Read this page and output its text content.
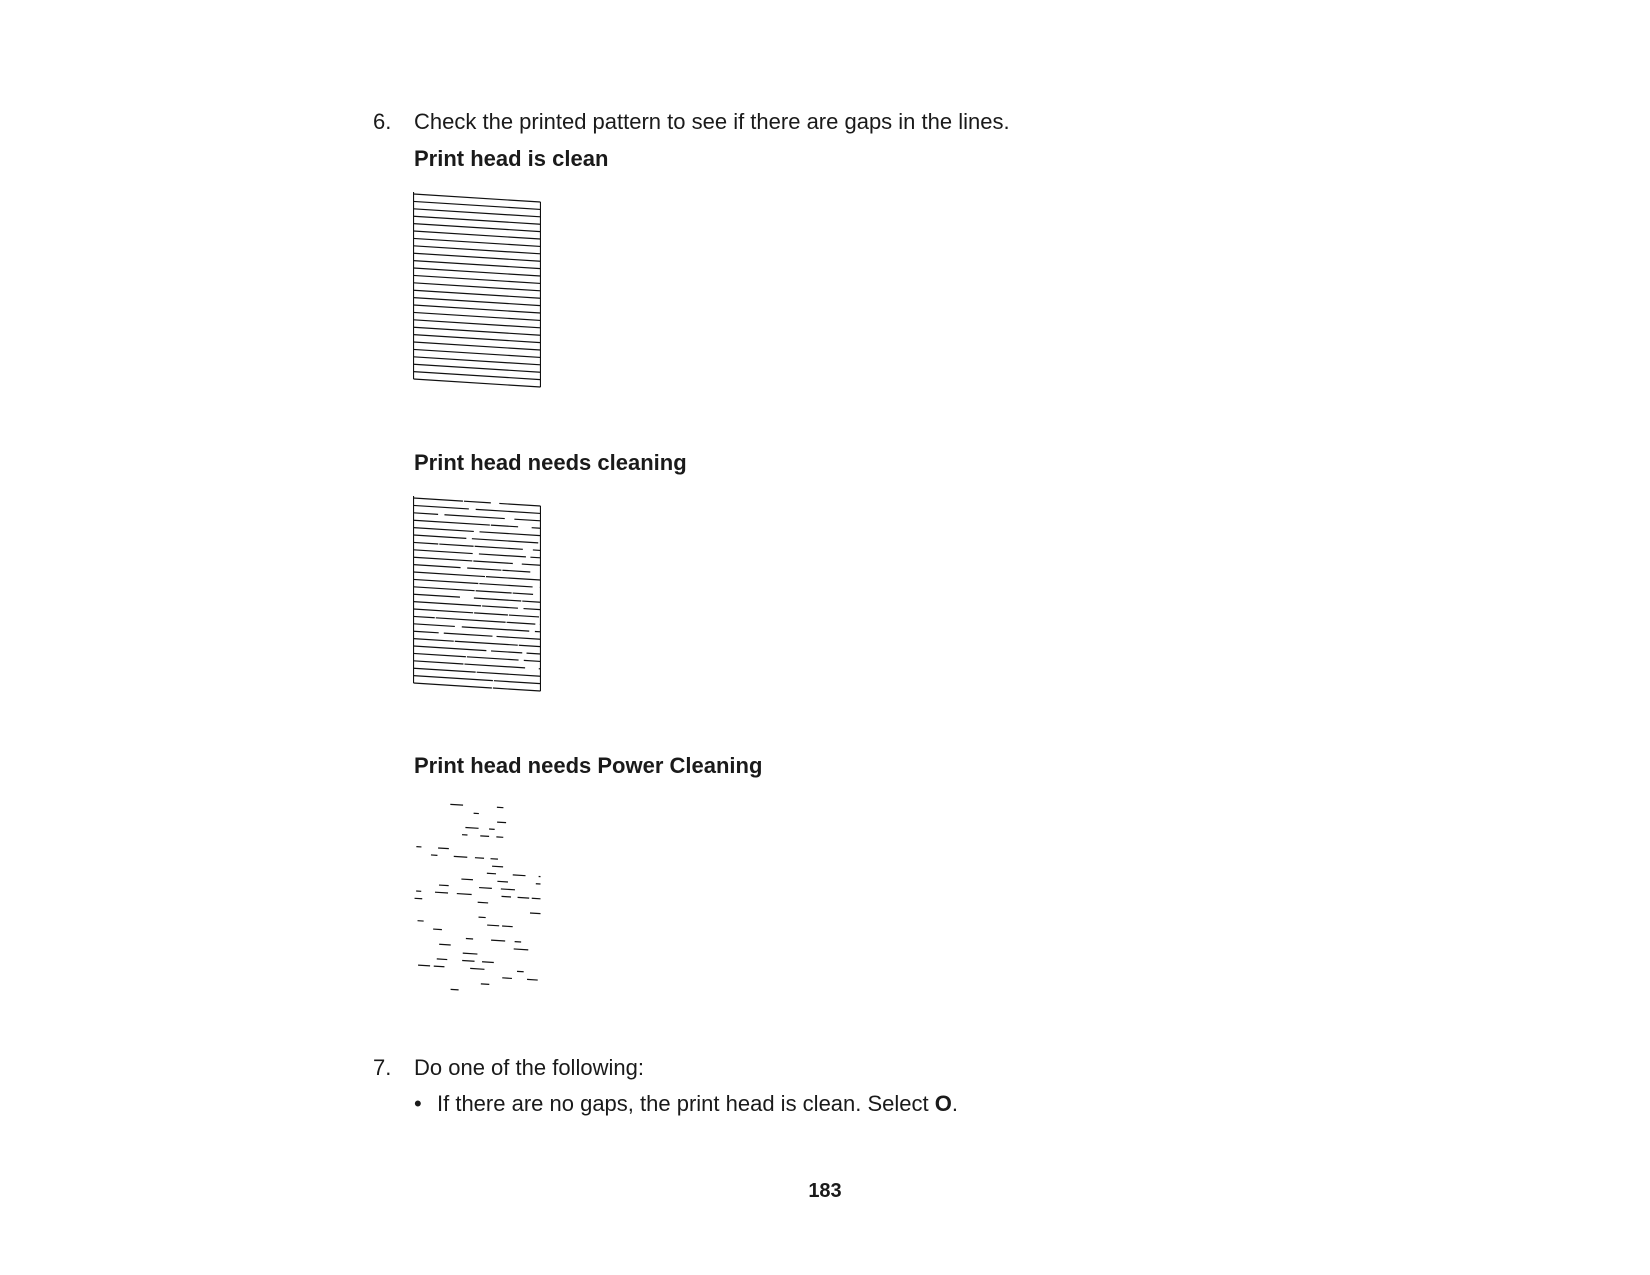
6.	Check the printed pattern to see if there are gaps in the lines.
Print head is clean
Print head needs cleaning
Print head needs Power Cleaning
7.	Do one of the following:
• If there are no gaps, the print head is clean. Select O.
183
